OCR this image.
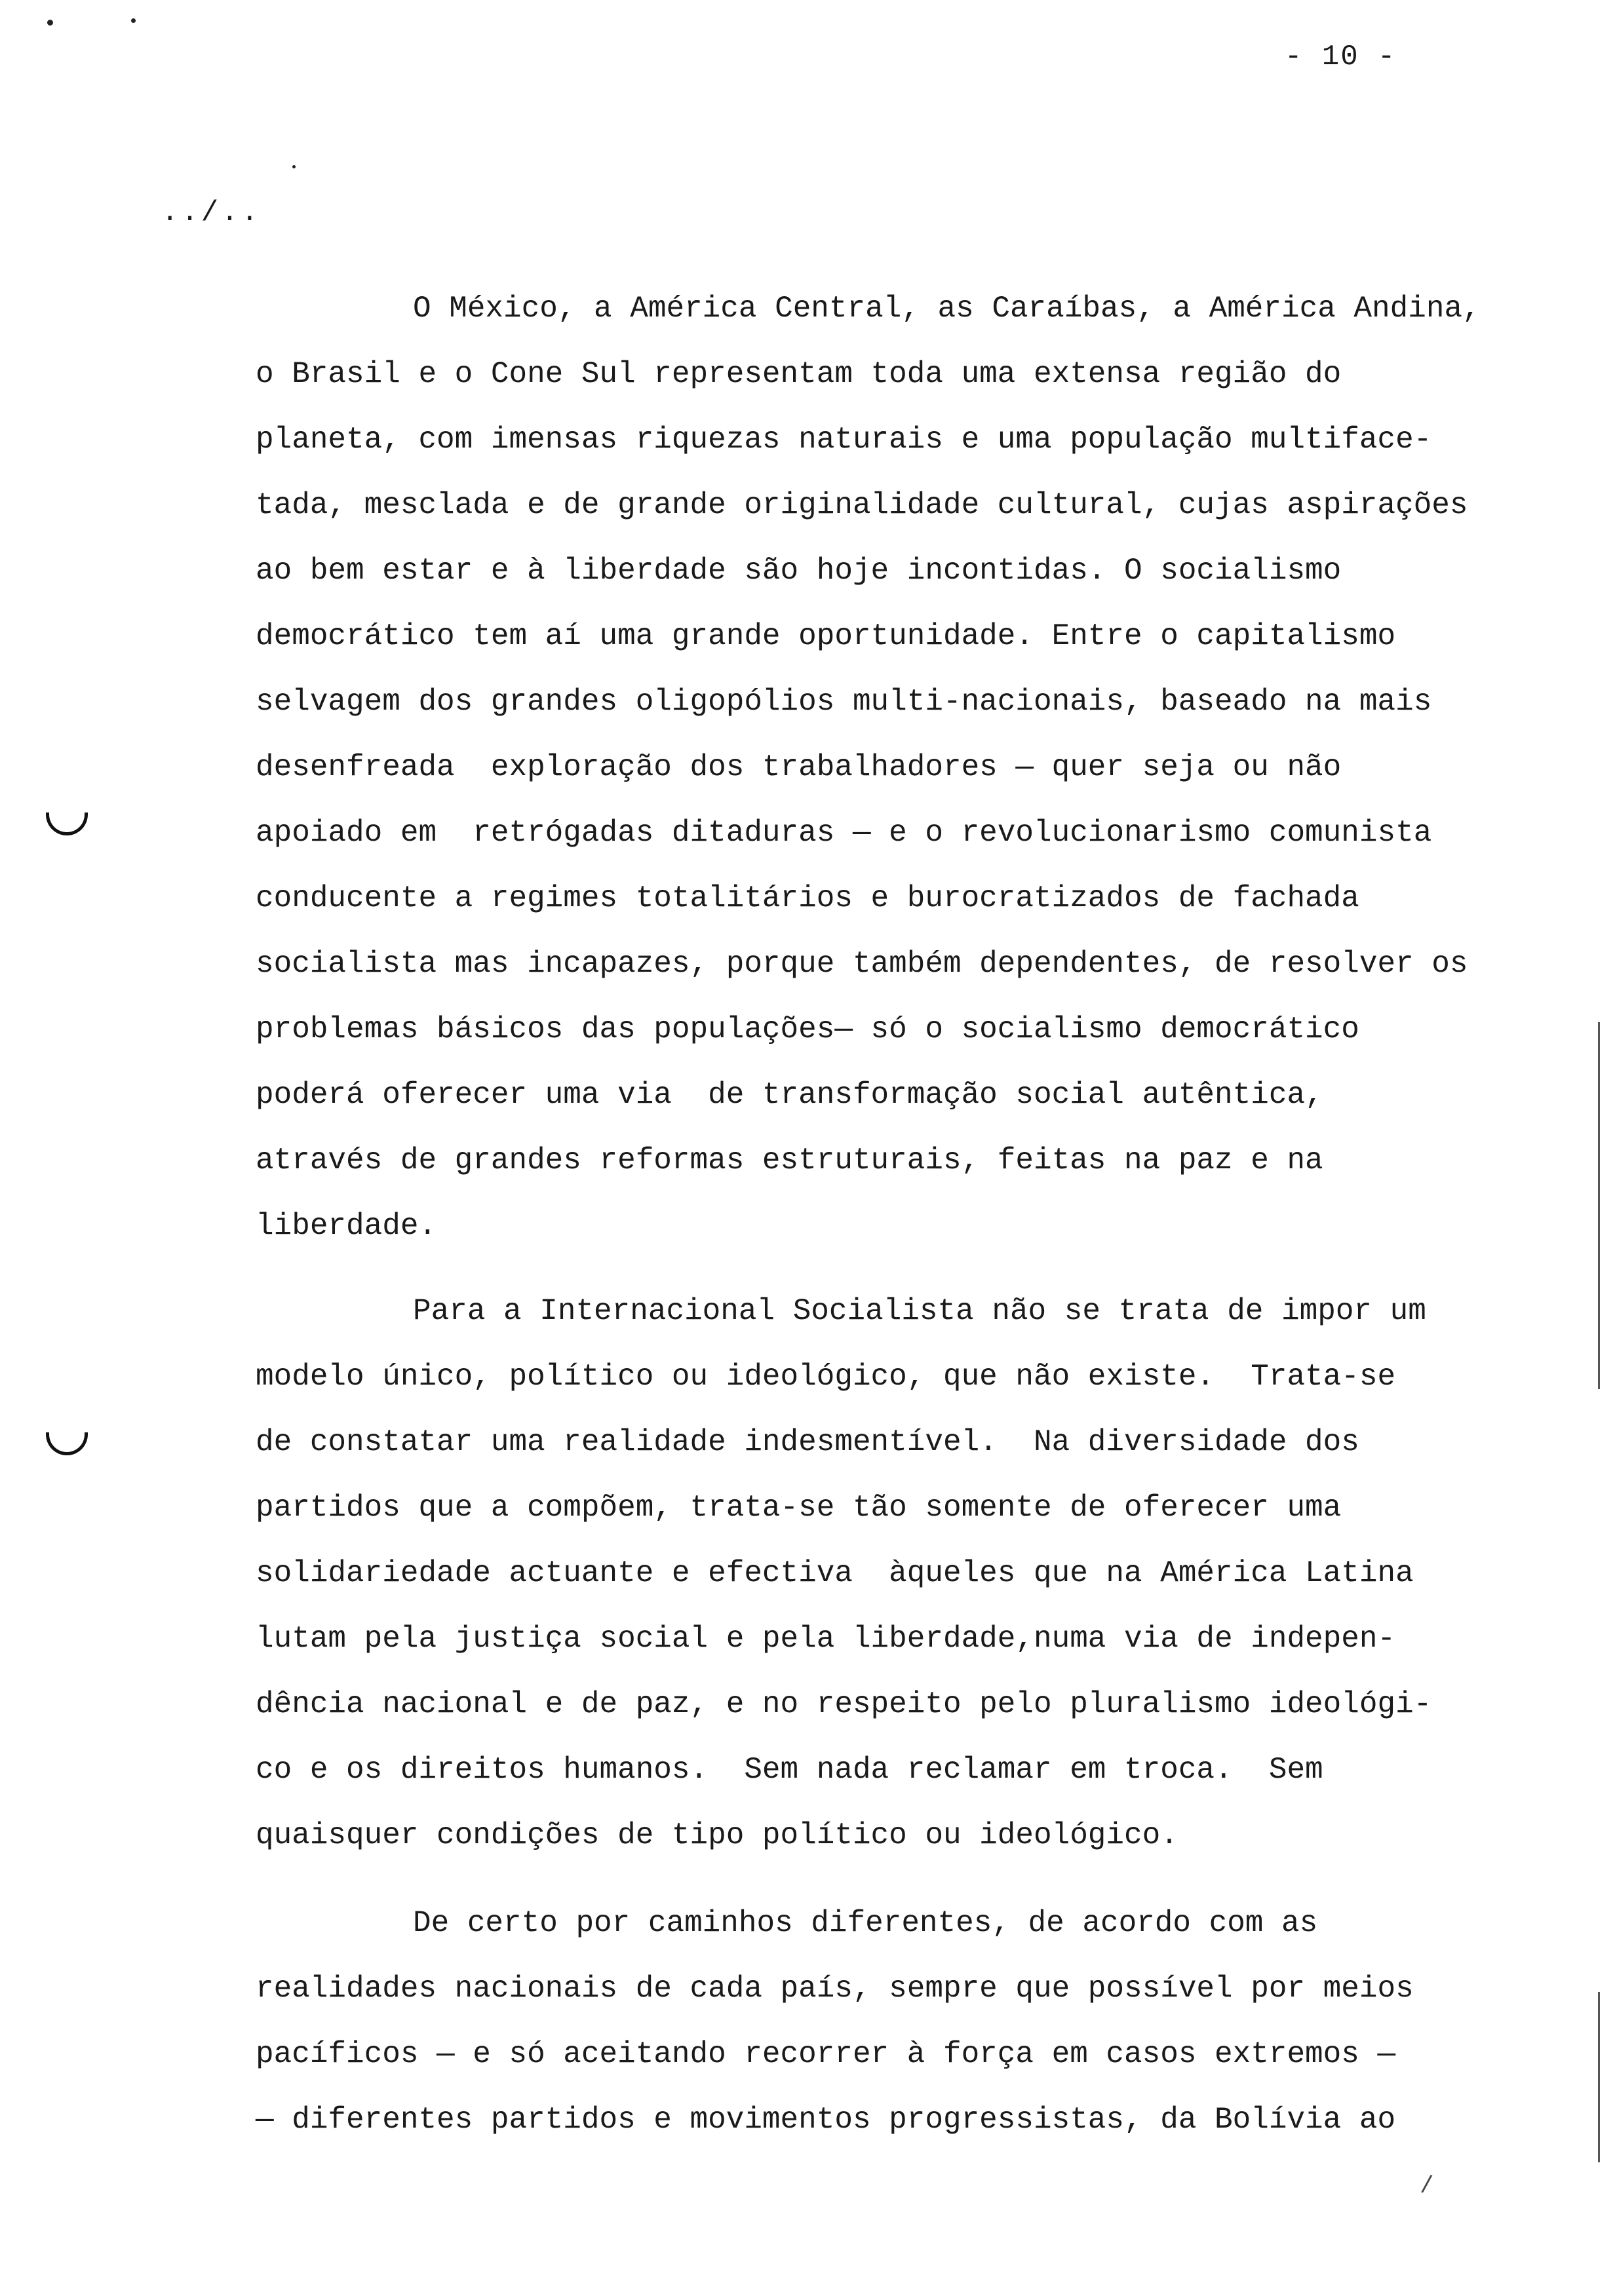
- 10 -
../..
O México, a América Central, as Caraíbas, a América Andina,
o Brasil e o Cone Sul representam toda uma extensa região do
planeta, com imensas riquezas naturais e uma população multiface-
tada, mesclada e de grande originalidade cultural, cujas aspirações
ao bem estar e à liberdade são hoje incontidas. O socialismo
democrático tem aí uma grande oportunidade. Entre o capitalismo
selvagem dos grandes oligopólios multi-nacionais, baseado na mais
desenfreada  exploração dos trabalhadores — quer seja ou não
apoiado em  retrógadas ditaduras — e o revolucionarismo comunista
conducente a regimes totalitários e burocratizados de fachada
socialista mas incapazes, porque também dependentes, de resolver os
problemas básicos das populações— só o socialismo democrático
poderá oferecer uma via  de transformação social autêntica,
através de grandes reformas estruturais, feitas na paz e na
liberdade.
Para a Internacional Socialista não se trata de impor um
modelo único, político ou ideológico, que não existe.  Trata-se
de constatar uma realidade indesmentível.  Na diversidade dos
partidos que a compõem, trata-se tão somente de oferecer uma
solidariedade actuante e efectiva  àqueles que na América Latina
lutam pela justiça social e pela liberdade,numa via de indepen-
dência nacional e de paz, e no respeito pelo pluralismo ideológi-
co e os direitos humanos.  Sem nada reclamar em troca.  Sem
quaisquer condições de tipo político ou ideológico.
De certo por caminhos diferentes, de acordo com as
realidades nacionais de cada país, sempre que possível por meios
pacíficos — e só aceitando recorrer à força em casos extremos —
— diferentes partidos e movimentos progressistas, da Bolívia ao
/
